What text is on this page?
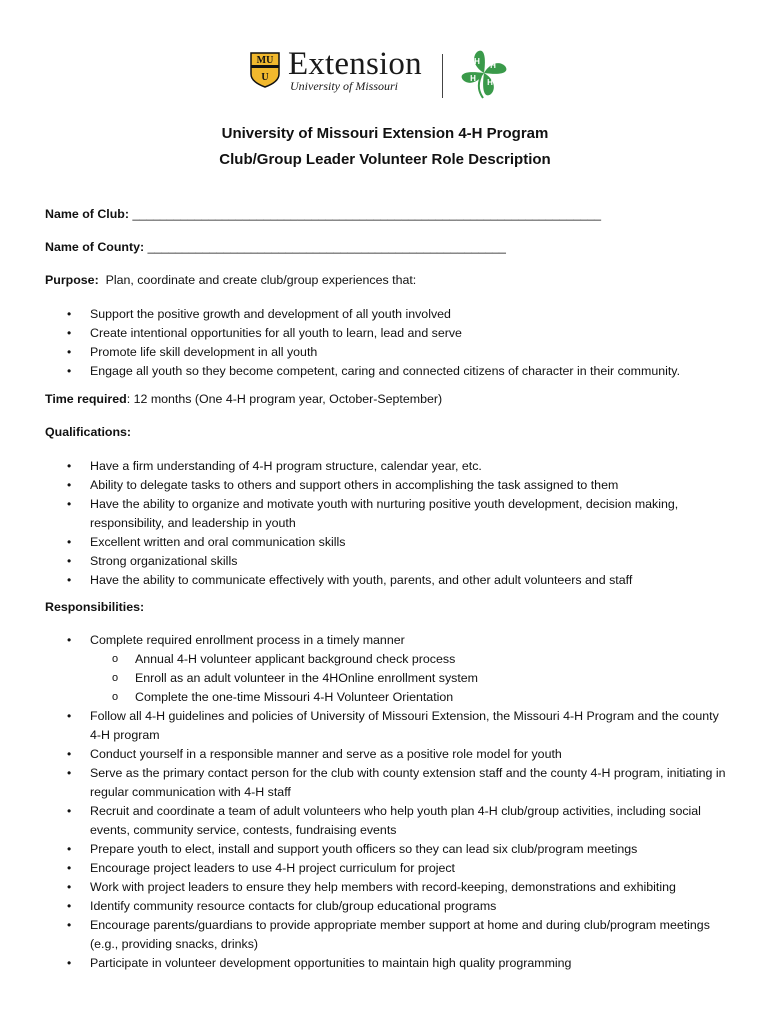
MU
U Extension
University of Missouri
H H
H
H
University of Missouri Extension 4-H Program
Club/Group Leader Volunteer Role Description
Name of Club: ____________________________________________________________________
Name of County: ____________________________________________________
Purpose: Plan, coordinate and create club/group experiences that:
• Support the positive growth and development of all youth involved
• Create intentional opportunities for all youth to learn, lead and serve
• Promote life skill development in all youth
• Engage all youth so they become competent, caring and connected citizens of character in their community.
Time required: 12 months (One 4-H program year, October-September)
Qualifications:
• Have a firm understanding of 4-H program structure, calendar year, etc.
• Ability to delegate tasks to others and support others in accomplishing the task assigned to them
• Have the ability to organize and motivate youth with nurturing positive youth development, decision making, responsibility, and leadership in youth
• Excellent written and oral communication skills
• Strong organizational skills
• Have the ability to communicate effectively with youth, parents, and other adult volunteers and staff
Responsibilities:
• Complete required enrollment process in a timely manner
o Annual 4-H volunteer applicant background check process
o Enroll as an adult volunteer in the 4HOnline enrollment system
o Complete the one-time Missouri 4-H Volunteer Orientation
• Follow all 4-H guidelines and policies of University of Missouri Extension, the Missouri 4-H Program and the county 4-H program
• Conduct yourself in a responsible manner and serve as a positive role model for youth
• Serve as the primary contact person for the club with county extension staff and the county 4-H program, initiating in regular communication with 4-H staff
• Recruit and coordinate a team of adult volunteers who help youth plan 4-H club/group activities, including social events, community service, contests, fundraising events
• Prepare youth to elect, install and support youth officers so they can lead six club/program meetings
• Encourage project leaders to use 4-H project curriculum for project
• Work with project leaders to ensure they help members with record-keeping, demonstrations and exhibiting
• Identify community resource contacts for club/group educational programs
• Encourage parents/guardians to provide appropriate member support at home and during club/program meetings (e.g., providing snacks, drinks)
• Participate in volunteer development opportunities to maintain high quality programming
